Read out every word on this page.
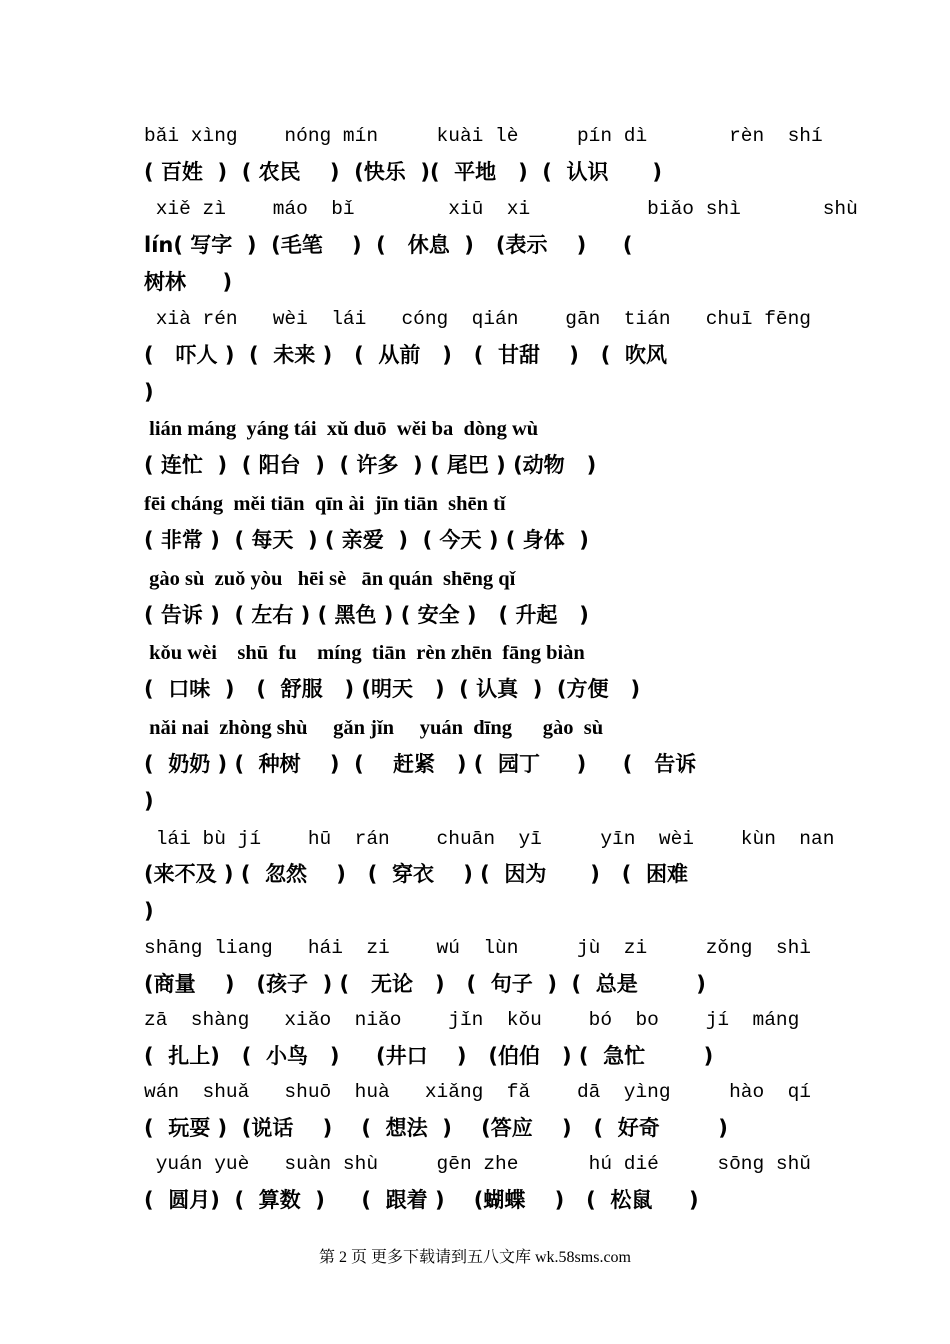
bǎi xìng    nóng mín     kuài lè     pín dì       rèn  shí
( 百姓  )  ( 农民    )  (快乐  )(  平地   )  (  认识      )
xiě zì    máo  bǐ        xiū  xi          biǎo shì       shù
lín( 写字  )  (毛笔    )  (   休息  )   (表示    )     (
树林     )
xià rén   wèi  lái   cóng  qián    gān  tián   chuī fēng
(   吓人 )  (  未来 )   (  从前   )   (  甘甜    )   (  吹风
)
lián máng  yáng tái  xǔ duō  wěi ba  dòng wù
( 连忙  )  ( 阳台  )  ( 许多  ) ( 尾巴 ) (动物   )
fēi cháng  měi tiān  qīn ài  jīn tiān  shēn tǐ
( 非常 )  ( 每天  ) ( 亲爱  )  ( 今天 ) ( 身体  )
gào sù  zuǒ yòu   hēi sè   ān quán  shēng qǐ
( 告诉 )  ( 左右 ) ( 黑色 ) ( 安全 )   ( 升起   )
kǒu wèi    shū  fu    míng  tiān  rèn zhēn  fāng biàn
(  口味  )   (  舒服   ) (明天   )  ( 认真  )  (方便   )
nǎi nai  zhòng shù     gǎn jǐn     yuán  dīng      gào  sù
(  奶奶 ) (  种树    )  (    赶紧   ) (  园丁     )     (   告诉
)
lái bù jí    hū  rán    chuān  yī     yīn  wèi    kùn  nan
(来不及 ) (  忽然    )   (  穿衣    ) (  因为      )   (  困难
)
shāng liang   hái  zi    wú  lùn     jù  zi     zǒng  shì
(商量    )   (孩子  ) (   无论   )   (  句子  )  (  总是        )
zā  shàng   xiǎo  niǎo    jǐn  kǒu    bó  bo    jí  máng
(  扎上)   (  小鸟   )     (井口    )   (伯伯   ) (  急忙        )
wán  shuǎ   shuō  huà   xiǎng  fǎ    dā  yìng     hào  qí
(  玩耍 )  (说话    )    (  想法  )    (答应    )   (  好奇        )
yuán yuè   suàn shù     gēn zhe      hú dié     sōng shǔ
(  圆月)  (  算数  )     (  跟着 )    (蝴蝶    )   (  松鼠     )
第 2 页 更多下载请到五八文库 wk.58sms.com
